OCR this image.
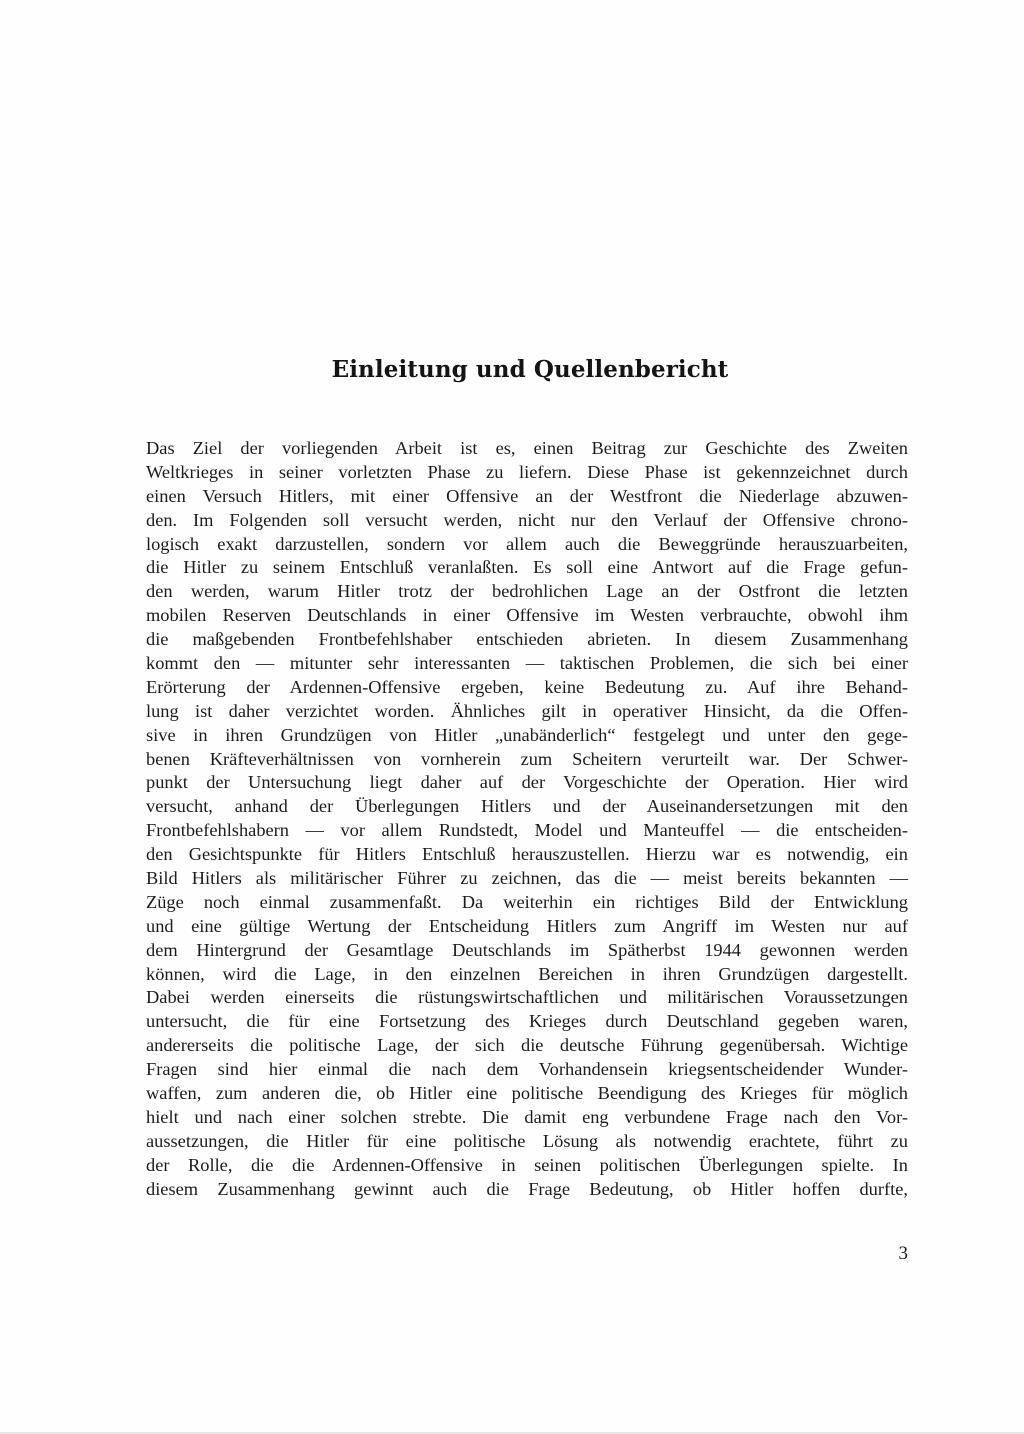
Einleitung und Quellenbericht
Das Ziel der vorliegenden Arbeit ist es, einen Beitrag zur Geschichte des Zweiten
Weltkrieges in seiner vorletzten Phase zu liefern. Diese Phase ist gekennzeichnet durch
einen Versuch Hitlers, mit einer Offensive an der Westfront die Niederlage abzuwen-
den. Im Folgenden soll versucht werden, nicht nur den Verlauf der Offensive chrono-
logisch exakt darzustellen, sondern vor allem auch die Beweggründe herauszuarbeiten,
die Hitler zu seinem Entschluß veranlaßten. Es soll eine Antwort auf die Frage gefun-
den werden, warum Hitler trotz der bedrohlichen Lage an der Ostfront die letzten
mobilen Reserven Deutschlands in einer Offensive im Westen verbrauchte, obwohl ihm
die maßgebenden Frontbefehlshaber entschieden abrieten. In diesem Zusammenhang
kommt den — mitunter sehr interessanten — taktischen Problemen, die sich bei einer
Erörterung der Ardennen-Offensive ergeben, keine Bedeutung zu. Auf ihre Behand-
lung ist daher verzichtet worden. Ähnliches gilt in operativer Hinsicht, da die Offen-
sive in ihren Grundzügen von Hitler „unabänderlich“ festgelegt und unter den gege-
benen Kräfteverhältnissen von vornherein zum Scheitern verurteilt war. Der Schwer-
punkt der Untersuchung liegt daher auf der Vorgeschichte der Operation. Hier wird
versucht, anhand der Überlegungen Hitlers und der Auseinandersetzungen mit den
Frontbefehlshabern — vor allem Rundstedt, Model und Manteuffel — die entscheiden-
den Gesichtspunkte für Hitlers Entschluß herauszustellen. Hierzu war es notwendig, ein
Bild Hitlers als militärischer Führer zu zeichnen, das die — meist bereits bekannten —
Züge noch einmal zusammenfaßt. Da weiterhin ein richtiges Bild der Entwicklung
und eine gültige Wertung der Entscheidung Hitlers zum Angriff im Westen nur auf
dem Hintergrund der Gesamtlage Deutschlands im Spätherbst 1944 gewonnen werden
können, wird die Lage, in den einzelnen Bereichen in ihren Grundzügen dargestellt.
Dabei werden einerseits die rüstungswirtschaftlichen und militärischen Voraussetzungen
untersucht, die für eine Fortsetzung des Krieges durch Deutschland gegeben waren,
andererseits die politische Lage, der sich die deutsche Führung gegenübersah. Wichtige
Fragen sind hier einmal die nach dem Vorhandensein kriegsentscheidender Wunder-
waffen, zum anderen die, ob Hitler eine politische Beendigung des Krieges für möglich
hielt und nach einer solchen strebte. Die damit eng verbundene Frage nach den Vor-
aussetzungen, die Hitler für eine politische Lösung als notwendig erachtete, führt zu
der Rolle, die die Ardennen-Offensive in seinen politischen Überlegungen spielte. In
diesem Zusammenhang gewinnt auch die Frage Bedeutung, ob Hitler hoffen durfte,
3
